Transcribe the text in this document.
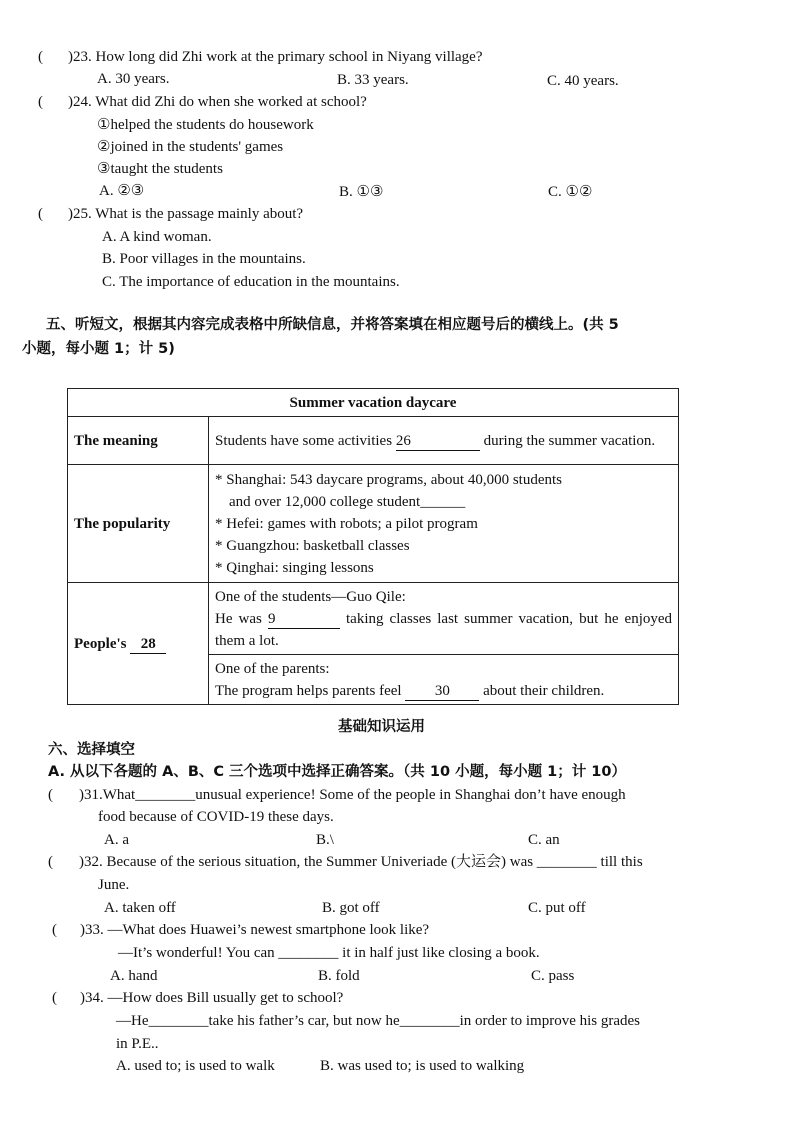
( )23. How long did Zhi work at the primary school in Niyang village?
A. 30 years.	B. 33 years.	C. 40 years.
( )24. What did Zhi do when she worked at school?
①helped the students do housework
②joined in the students' games
③taught the students
A. ②③	B. ①③	C. ①②
( )25. What is the passage mainly about?
A. A kind woman.
B. Poor villages in the mountains.
C. The importance of education in the mountains.
五、听短文，根据其内容完成表格中所缺信息，并将答案填在相应题号后的横线上。(共 5
小题，每小题 1；计 5)
Summer vacation daycare	
The meaning	Students have some activities 26 during the summer vacation.
The popularity	* Shanghai: 543 daycare programs, about 40,000 students
and over 12,000 college student______
* Hefei: games with robots; a pilot program
* Guangzhou: basketball classes
* Qinghai: singing lessons

People's 28	One of the students—Guo Qile:
He was 9 taking classes last summer vacation, but he enjoyed them a lot.

	One of the parents:
The program helps parents feel 30 about their children.
基础知识运用
六、选择填空
A. 从以下各题的 A、B、C 三个选项中选择正确答案。（共 10 小题，每小题 1；计 10）
( )31.What________unusual experience! Some of the people in Shanghai don’t have enough
food because of COVID-19 these days.
A. a	B.\	C. an
( )32. Because of the serious situation, the Summer Univeriade (大运会) was ________ till this
June.
A. taken off	B. got off	C. put off
( )33. —What does Huawei’s newest smartphone look like?
—It’s wonderful! You can ________ it in half just like closing a book.
A. hand	B. fold	C. pass
( )34. —How does Bill usually get to school?
—He________take his father’s car, but now he________in order to improve his grades
in P.E..
A. used to; is used to walk	B. was used to; is used to walking
